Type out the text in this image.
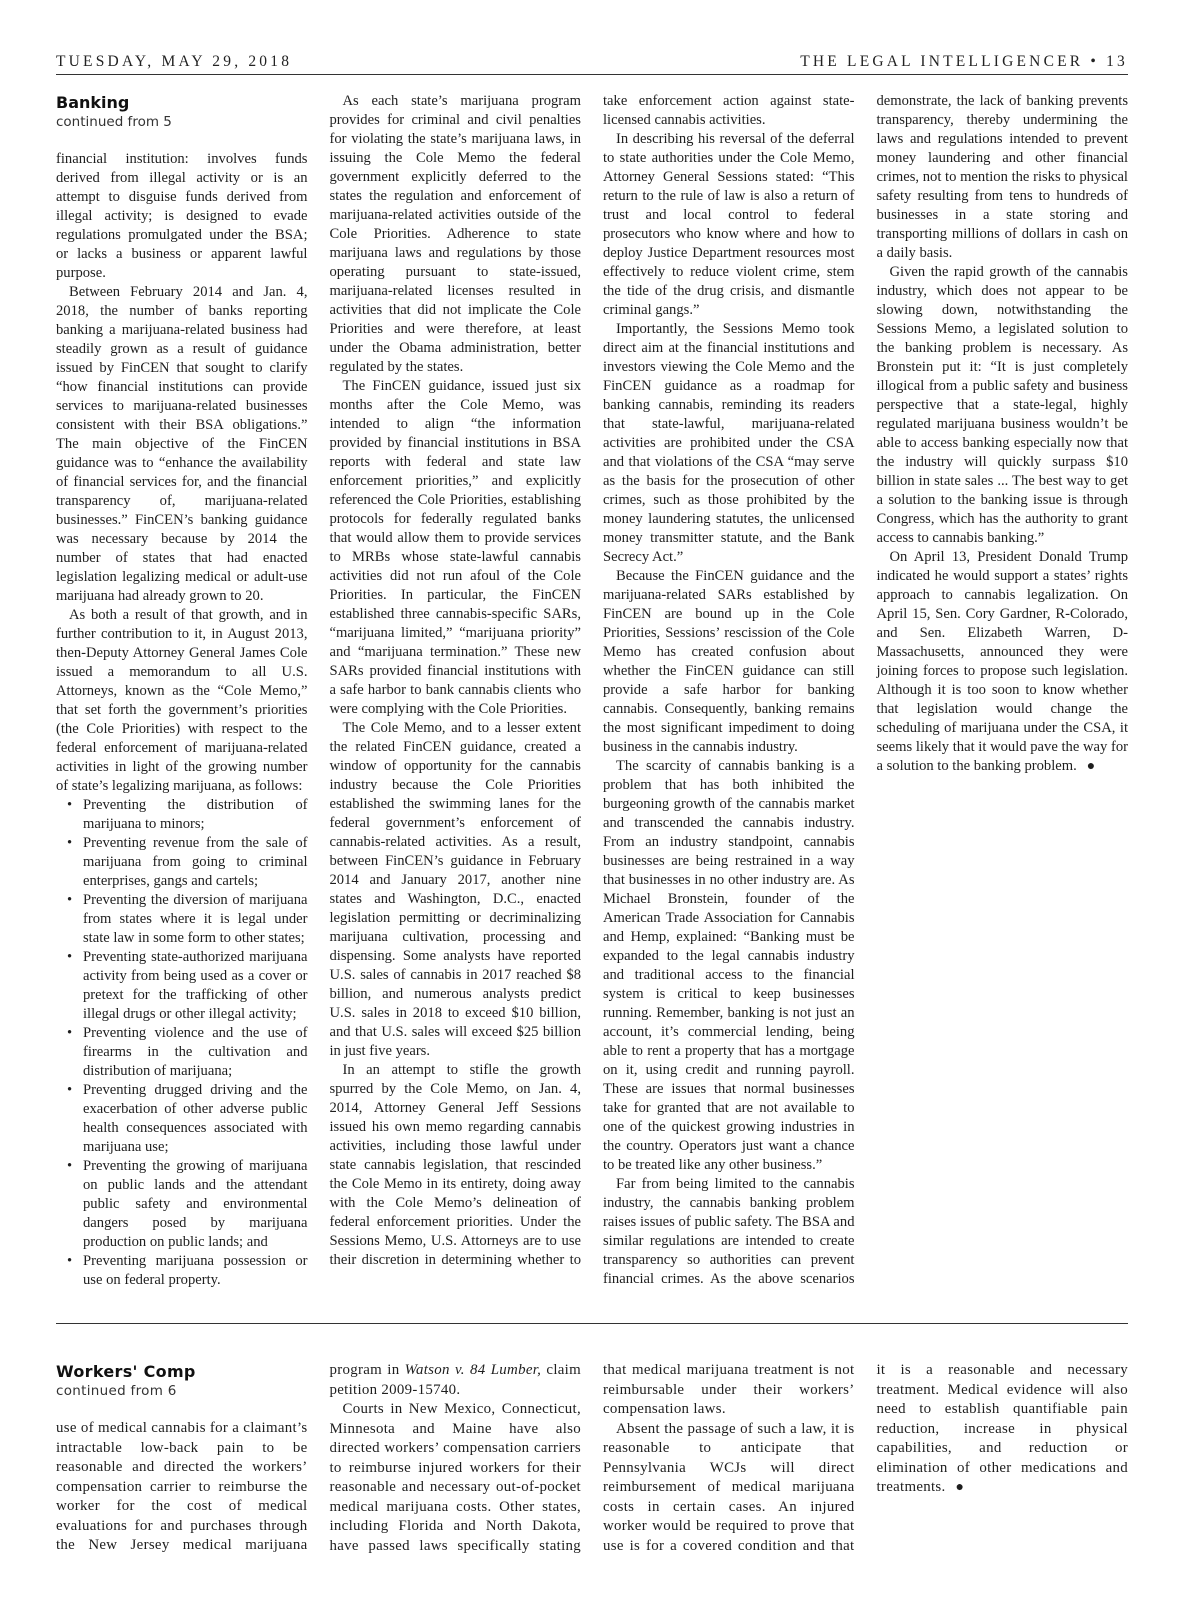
TUESDAY, MAY 29, 2018	THE LEGAL INTELLIGENCER • 13
Banking
continued from 5

financial institution: involves funds derived from illegal activity or is an attempt to disguise funds derived from illegal activity; is designed to evade regulations promulgated under the BSA; or lacks a business or apparent lawful purpose.

Between February 2014 and Jan. 4, 2018, the number of banks reporting banking a marijuana-related business had steadily grown as a result of guidance issued by FinCEN that sought to clarify “how financial institutions can provide services to marijuana-related businesses consistent with their BSA obligations.” The main objective of the FinCEN guidance was to “enhance the availability of financial services for, and the financial transparency of, marijuana-related businesses.” FinCEN’s banking guidance was necessary because by 2014 the number of states that had enacted legislation legalizing medical or adult-use marijuana had already grown to 20.

As both a result of that growth, and in further contribution to it, in August 2013, then-Deputy Attorney General James Cole issued a memorandum to all U.S. Attorneys, known as the “Cole Memo,” that set forth the government’s priorities (the Cole Priorities) with respect to the federal enforcement of marijuana-related activities in light of the growing number of state’s legalizing marijuana, as follows:

• Preventing the distribution of marijuana to minors;
• Preventing revenue from the sale of marijuana from going to criminal enterprises, gangs and cartels;
• Preventing the diversion of marijuana from states where it is legal under state law in some form to other states;
• Preventing state-authorized marijuana activity from being used as a cover or pretext for the trafficking of other illegal drugs or other illegal activity;
• Preventing violence and the use of firearms in the cultivation and distribution of marijuana;
• Preventing drugged driving and the exacerbation of other adverse public health consequences associated with marijuana use;
• Preventing the growing of marijuana on public lands and the attendant public safety and environmental dangers posed by marijuana production on public lands; and
• Preventing marijuana possession or use on federal property.

As each state’s marijuana program provides for criminal and civil penalties for violating the state’s marijuana laws, in issuing the Cole Memo the federal government explicitly deferred to the states the regulation and enforcement of marijuana-related activities outside of the Cole Priorities. Adherence to state marijuana laws and regulations by those operating pursuant to state-issued, marijuana-related licenses resulted in activities that did not implicate the Cole Priorities and were therefore, at least under the Obama administration, better regulated by the states.

The FinCEN guidance, issued just six months after the Cole Memo, was intended to align “the information provided by financial institutions in BSA reports with federal and state law enforcement priorities,” and explicitly referenced the Cole Priorities, establishing protocols for federally regulated banks that would allow them to provide services to MRBs whose state-lawful cannabis activities did not run afoul of the Cole Priorities. In particular, the FinCEN established three cannabis-specific SARs, “marijuana limited,” “marijuana priority” and “marijuana termination.” These new SARs provided financial institutions with a safe harbor to bank cannabis clients who were complying with the Cole Priorities.

The Cole Memo, and to a lesser extent the related FinCEN guidance, created a window of opportunity for the cannabis industry because the Cole Priorities established the swimming lanes for the federal government’s enforcement of cannabis-related activities. As a result, between FinCEN’s guidance in February 2014 and January 2017, another nine states and Washington, D.C., enacted legislation permitting or decriminalizing marijuana cultivation, processing and dispensing. Some analysts have reported U.S. sales of cannabis in 2017 reached $8 billion, and numerous analysts predict U.S. sales in 2018 to exceed $10 billion, and that U.S. sales will exceed $25 billion in just five years.

In an attempt to stifle the growth spurred by the Cole Memo, on Jan. 4, 2014, Attorney General Jeff Sessions issued his own memo regarding cannabis activities, including those lawful under state cannabis legislation, that rescinded the Cole Memo in its entirety, doing away with the Cole Memo’s delineation of federal enforcement priorities. Under the Sessions Memo, U.S. Attorneys are to use their discretion in determining whether to take enforcement action against state-licensed cannabis activities.

In describing his reversal of the deferral to state authorities under the Cole Memo, Attorney General Sessions stated: “This return to the rule of law is also a return of trust and local control to federal prosecutors who know where and how to deploy Justice Department resources most effectively to reduce violent crime, stem the tide of the drug crisis, and dismantle criminal gangs.”

Importantly, the Sessions Memo took direct aim at the financial institutions and investors viewing the Cole Memo and the FinCEN guidance as a roadmap for banking cannabis, reminding its readers that state-lawful, marijuana-related activities are prohibited under the CSA and that violations of the CSA “may serve as the basis for the prosecution of other crimes, such as those prohibited by the money laundering statutes, the unlicensed money transmitter statute, and the Bank Secrecy Act.”

Because the FinCEN guidance and the marijuana-related SARs established by FinCEN are bound up in the Cole Priorities, Sessions’ rescission of the Cole Memo has created confusion about whether the FinCEN guidance can still provide a safe harbor for banking cannabis. Consequently, banking remains the most significant impediment to doing business in the cannabis industry.

The scarcity of cannabis banking is a problem that has both inhibited the burgeoning growth of the cannabis market and transcended the cannabis industry. From an industry standpoint, cannabis businesses are being restrained in a way that businesses in no other industry are. As Michael Bronstein, founder of the American Trade Association for Cannabis and Hemp, explained: “Banking must be expanded to the legal cannabis industry and traditional access to the financial system is critical to keep businesses running. Remember, banking is not just an account, it’s commercial lending, being able to rent a property that has a mortgage on it, using credit and running payroll. These are issues that normal businesses take for granted that are not available to one of the quickest growing industries in the country. Operators just want a chance to be treated like any other business.”

Far from being limited to the cannabis industry, the cannabis banking problem raises issues of public safety. The BSA and similar regulations are intended to create transparency so authorities can prevent financial crimes. As the above scenarios demonstrate, the lack of banking prevents transparency, thereby undermining the laws and regulations intended to prevent money laundering and other financial crimes, not to mention the risks to physical safety resulting from tens to hundreds of businesses in a state storing and transporting millions of dollars in cash on a daily basis.

Given the rapid growth of the cannabis industry, which does not appear to be slowing down, notwithstanding the Sessions Memo, a legislated solution to the banking problem is necessary. As Bronstein put it: “It is just completely illogical from a public safety and business perspective that a state-legal, highly regulated marijuana business wouldn’t be able to access banking especially now that the industry will quickly surpass $10 billion in state sales ... The best way to get a solution to the banking issue is through Congress, which has the authority to grant access to cannabis banking.”

On April 13, President Donald Trump indicated he would support a states’ rights approach to cannabis legalization. On April 15, Sen. Cory Gardner, R-Colorado, and Sen. Elizabeth Warren, D-Massachusetts, announced they were joining forces to propose such legislation. Although it is too soon to know whether that legislation would change the scheduling of marijuana under the CSA, it seems likely that it would pave the way for a solution to the banking problem. ●

Workers' Comp
continued from 6

use of medical cannabis for a claimant’s intractable low-back pain to be reasonable and directed the workers’ compensation carrier to reimburse the worker for the cost of medical evaluations for and purchases through the New Jersey medical marijuana program in Watson v. 84 Lumber, claim petition 2009-15740.

Courts in New Mexico, Connecticut, Minnesota and Maine have also directed workers’ compensation carriers to reimburse injured workers for their reasonable and necessary out-of-pocket medical marijuana costs. Other states, including Florida and North Dakota, have passed laws specifically stating that medical marijuana treatment is not reimbursable under their workers’ compensation laws.

Absent the passage of such a law, it is reasonable to anticipate that Pennsylvania WCJs will direct reimbursement of medical marijuana costs in certain cases. An injured worker would be required to prove that use is for a covered condition and that it is a reasonable and necessary treatment. Medical evidence will also need to establish quantifiable pain reduction, increase in physical capabilities, and reduction or elimination of other medications and treatments. ●
